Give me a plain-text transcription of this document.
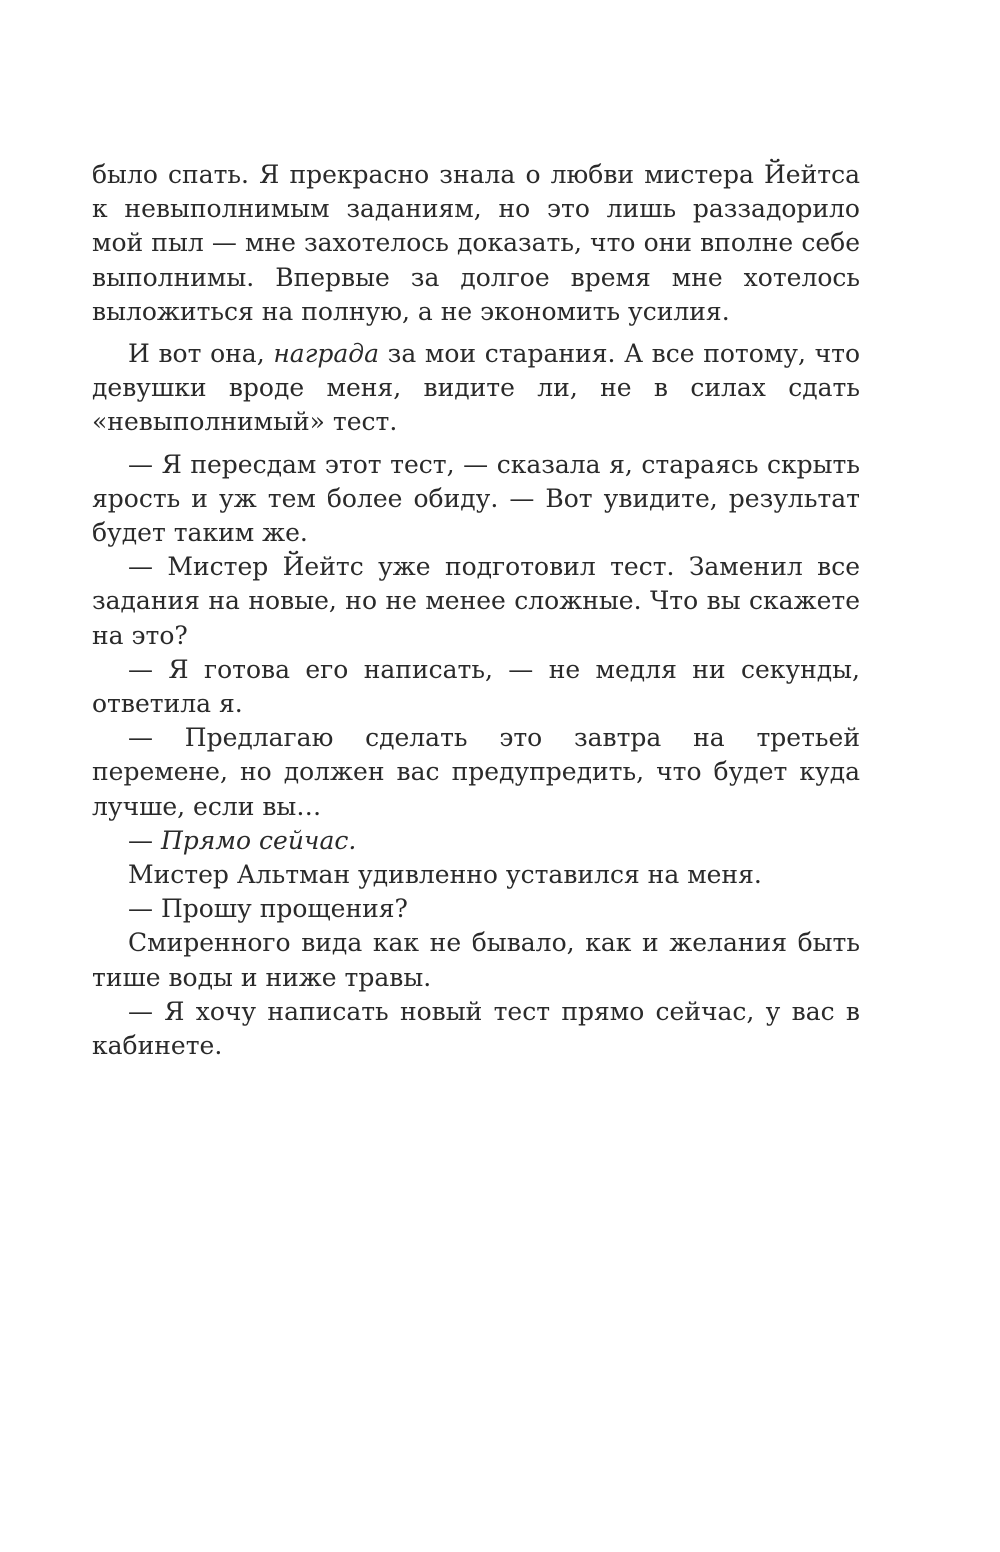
было спать. Я прекрасно знала о любви мистера Йейтса к невыполнимым заданиям, но это лишь раззадорило мой пыл — мне захотелось доказать, что они вполне себе выполнимы. Впервые за долгое время мне хотелось выложиться на полную, а не экономить усилия.

И вот она, награда за мои старания. А все потому, что девушки вроде меня, видите ли, не в силах сдать «невыполнимый» тест.

— Я пересдам этот тест, — сказала я, стараясь скрыть ярость и уж тем более обиду. — Вот увидите, результат будет таким же.

— Мистер Йейтс уже подготовил тест. Заменил все задания на новые, но не менее сложные. Что вы скажете на это?

— Я готова его написать, — не медля ни секунды, ответила я.

— Предлагаю сделать это завтра на третьей перемене, но должен вас предупредить, что будет куда лучше, если вы…

— Прямо сейчас.

Мистер Альтман удивленно уставился на меня.

— Прошу прощения?

Смиренного вида как не бывало, как и желания быть тише воды и ниже травы.

— Я хочу написать новый тест прямо сейчас, у вас в кабинете.
